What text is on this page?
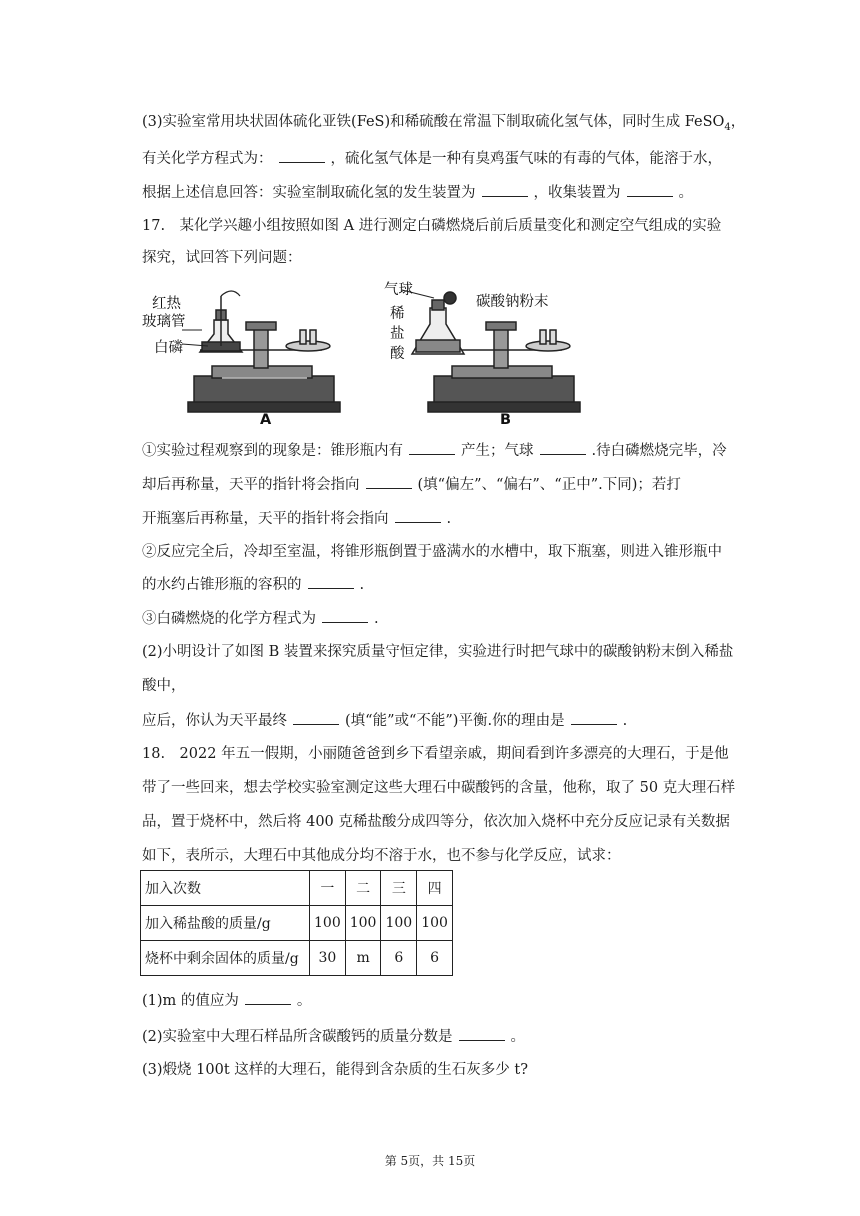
(3)实验室常用块状固体硫化亚铁(FeS)和稀硫酸在常温下制取硫化氢气体，同时生成 FeSO$_4$，
有关化学方程式为：	，硫化氢气体是一种有臭鸡蛋气味的有毒的气体，能溶于水，
根据上述信息回答：实验室制取硫化氢的发生装置为	，收集装置为	。
17.　某化学兴趣小组按照如图 A 进行测定白磷燃烧后前后质量变化和测定空气组成的实验
探究，试回答下列问题：
红热
玻璃管
白磷
A
气球
碳酸钠粉末
稀
盐
酸
B
①实验过程观察到的现象是：锥形瓶内有	产生；气球	.待白磷燃烧完毕，冷
却后再称量，天平的指针将会指向	(填“偏左”、“偏右”、“正中”.下同)；若打
开瓶塞后再称量，天平的指针将会指向	.
②反应完全后，冷却至室温，将锥形瓶倒置于盛满水的水槽中，取下瓶塞，则进入锥形瓶中
的水约占锥形瓶的容积的	.
③白磷燃烧的化学方程式为	.
(2)小明设计了如图 B 装置来探究质量守恒定律，实验进行时把气球中的碳酸钠粉末倒入稀盐
酸中，
应后，你认为天平最终	(填“能”或“不能”)平衡.你的理由是	.
18.　2022 年五一假期，小丽随爸爸到乡下看望亲戚，期间看到许多漂亮的大理石，于是他
带了一些回来，想去学校实验室测定这些大理石中碳酸钙的含量，他称，取了 50 克大理石样
品，置于烧杯中，然后将 400 克稀盐酸分成四等分，依次加入烧杯中充分反应记录有关数据
如下，表所示，大理石中其他成分均不溶于水，也不参与化学反应，试求：
加入次数	一	二	三	四
加入稀盐酸的质量/g	100	100	100	100
烧杯中剩余固体的质量/g	30	m	6	6
(1)m 的值应为	。
(2)实验室中大理石样品所含碳酸钙的质量分数是	。
(3)煅烧 100t 这样的大理石，能得到含杂质的生石灰多少 t?
第 5页，共 15页
